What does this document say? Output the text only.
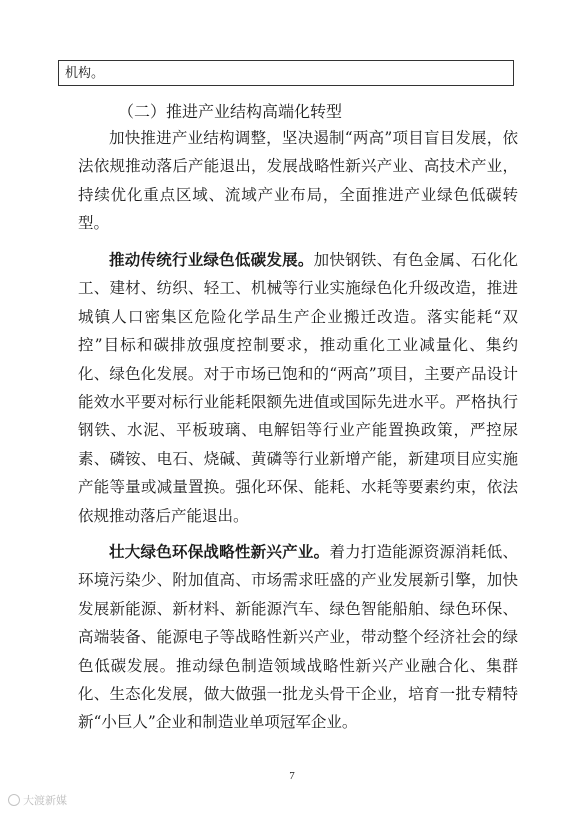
机构。
（二）推进产业结构高端化转型

加快推进产业结构调整，坚决遏制“两高”项目盲目发展，依法依规推动落后产能退出，发展战略性新兴产业、高技术产业，持续优化重点区域、流域产业布局，全面推进产业绿色低碳转型。

推动传统行业绿色低碳发展。加快钢铁、有色金属、石化化工、建材、纺织、轻工、机械等行业实施绿色化升级改造，推进城镇人口密集区危险化学品生产企业搬迁改造。落实能耗“双控”目标和碳排放强度控制要求，推动重化工业减量化、集约化、绿色化发展。对于市场已饱和的“两高”项目，主要产品设计能效水平要对标行业能耗限额先进值或国际先进水平。严格执行钢铁、水泥、平板玻璃、电解铝等行业产能置换政策，严控尿素、磷铵、电石、烧碱、黄磷等行业新增产能，新建项目应实施产能等量或减量置换。强化环保、能耗、水耗等要素约束，依法依规推动落后产能退出。

壮大绿色环保战略性新兴产业。着力打造能源资源消耗低、环境污染少、附加值高、市场需求旺盛的产业发展新引擎，加快发展新能源、新材料、新能源汽车、绿色智能船舶、绿色环保、高端装备、能源电子等战略性新兴产业，带动整个经济社会的绿色低碳发展。推动绿色制造领域战略性新兴产业融合化、集群化、生态化发展，做大做强一批龙头骨干企业，培育一批专精特新“小巨人”企业和制造业单项冠军企业。

7
大渡新媒
